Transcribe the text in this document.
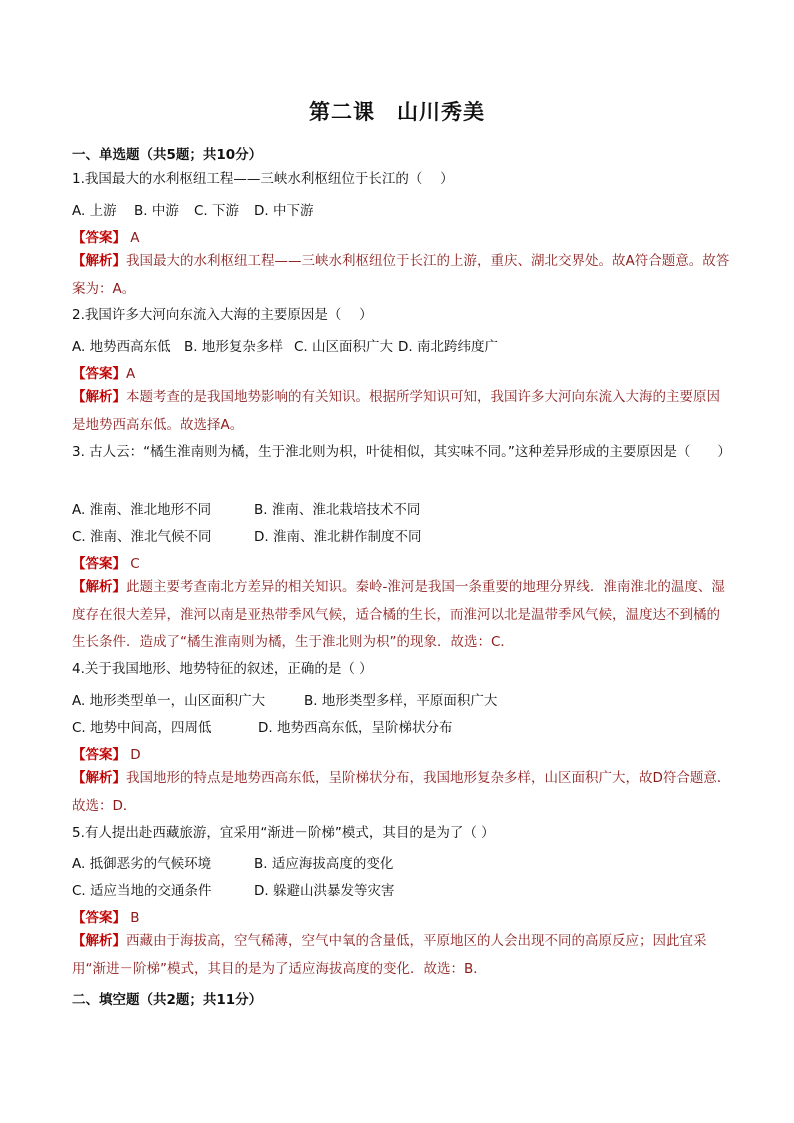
第二课　山川秀美
一、单选题（共5题；共10分）
1.我国最大的水利枢纽工程——三峡水利枢纽位于长江的（　 ）
A. 上游 B. 中游 C. 下游 D. 中下游
【答案】 A
【解析】我国最大的水利枢纽工程——三峡水利枢纽位于长江的上游，重庆、湖北交界处。故A符合题意。故答案为：A。
2.我国许多大河向东流入大海的主要原因是（　 ）
A. 地势西高东低 B. 地形复杂多样 C. 山区面积广大 D. 南北跨纬度广
【答案】A
【解析】本题考查的是我国地势影响的有关知识。根据所学知识可知，我国许多大河向东流入大海的主要原因是地势西高东低。故选择A。
3. 古人云：“橘生淮南则为橘，生于淮北则为枳，叶徒相似，其实味不同。”这种差异形成的主要原因是（　　）
A. 淮南、淮北地形不同	B. 淮南、淮北栽培技术不同
C. 淮南、淮北气候不同	D. 淮南、淮北耕作制度不同
【答案】 C
【解析】此题主要考查南北方差异的相关知识。秦岭-淮河是我国一条重要的地理分界线．淮南淮北的温度、湿度存在很大差异，淮河以南是亚热带季风气候，适合橘的生长，而淮河以北是温带季风气候，温度达不到橘的生长条件．造成了“橘生淮南则为橘，生于淮北则为枳”的现象．故选：C．
4.关于我国地形、地势特征的叙述，正确的是（ ）
A. 地形类型单一，山区面积广大	B. 地形类型多样，平原面积广大
C. 地势中间高，四周低	D. 地势西高东低，呈阶梯状分布
【答案】 D
【解析】我国地形的特点是地势西高东低，呈阶梯状分布，我国地形复杂多样，山区面积广大，故D符合题意．故选：D．
5.有人提出赴西藏旅游，宜采用“渐进－阶梯”模式，其目的是为了（ ）
A. 抵御恶劣的气候环境	B. 适应海拔高度的变化
C. 适应当地的交通条件	D. 躲避山洪暴发等灾害
【答案】 B
【解析】西藏由于海拔高，空气稀薄，空气中氧的含量低，平原地区的人会出现不同的高原反应；因此宜采用“渐进－阶梯”模式，其目的是为了适应海拔高度的变化．故选：B．
二、填空题（共2题；共11分）
